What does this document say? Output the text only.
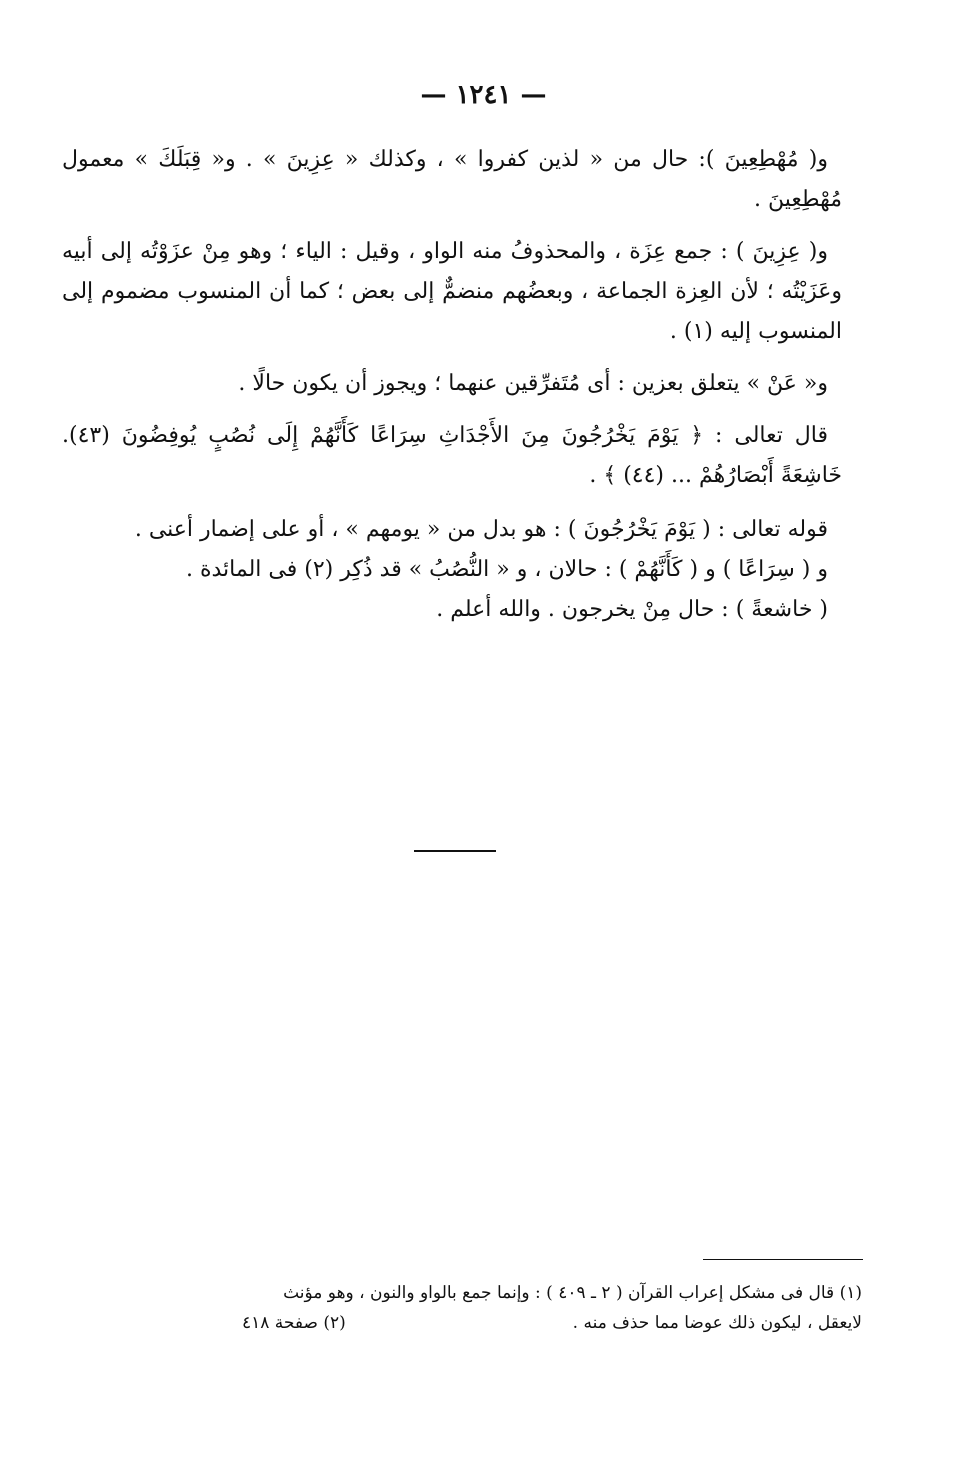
— ١٢٤١ —

و( مُهْطِعِينَ ): حال من « لذين كفروا » ، وكذلك « عِزِينَ » . و« قِبَلَكَ » معمول مُهْطِعِينَ .

و( عِزِينَ ) : جمع عِزَة ، والمحذوفُ منه الواو ، وقيل : الياء ؛ وهو مِنْ عزَوْتُه إلى أبيه وعَزَيْتُه ؛ لأن العِزة الجماعة ، وبعضُهم منضمٌّ إلى بعض ؛ كما أن المنسوب مضموم إلى المنسوب إليه (١) .

و« عَنْ » يتعلق بعزين : أى مُتَفرِّقين عنهما ؛ ويجوز أن يكون حالًا .

قال تعالى : ﴿ يَوْمَ يَخْرُجُونَ مِنَ الأَجْدَاثِ سِرَاعًا كَأَنَّهُمْ إِلَى نُصُبٍ يُوفِضُونَ (٤٣). خَاشِعَةً أَبْصَارُهُمْ ... (٤٤) ﴾ .

قوله تعالى : ( يَوْمَ يَخْرُجُونَ ) : هو بدل من « يومهم » ، أو على إضمار أعنى .

و ( سِرَاعًا ) و ( كَأَنَّهُمْ ) : حالان ، و « النُّصُبُ » قد ذُكِر (٢) فى المائدة .

( خاشعةً ) : حال مِنْ يخرجون . والله أعلم .

(١) قال فى مشكل إعراب القرآن ( ٢ ـ ٤٠٩ ) : وإنما جمع بالواو والنون ، وهو مؤنث

لايعقل ، ليكون ذلك عوضا مما حذف منه .
(٢) صفحة ٤١٨
